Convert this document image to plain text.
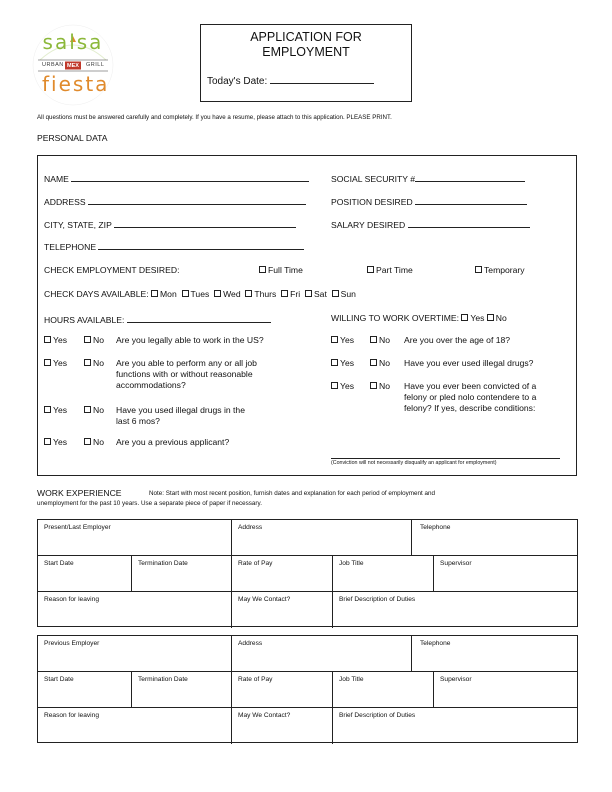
salsa
URBAN MEX GRILL
fiesta
APPLICATION FOR
EMPLOYMENT
Today's Date:
All questions must be answered carefully and completely. If you have a resume, please attach to this application. PLEASE PRINT.
PERSONAL DATA
NAME	SOCIAL SECURITY #
ADDRESS	POSITION DESIRED
CITY, STATE, ZIP	SALARY DESIRED
TELEPHONE
CHECK EMPLOYMENT DESIRED:	Full Time	Part Time	Temporary
CHECK DAYS AVAILABLE: Mon Tues Wed Thurs Fri Sat Sun
HOURS AVAILABLE:	WILLING TO WORK OVERTIME: Yes No
Yes	No Are you legally able to work in the US?
Yes	No Are you able to perform any or all job
functions with or without reasonable
accommodations?
Yes	No Have you used illegal drugs in the
last 6 mos?
Yes	No Are you a previous applicant?
Yes	No Are you over the age of 18?
Yes	No Have you ever used illegal drugs?
Yes	No Have you ever been convicted of a
felony or pled nolo contendere to a
felony? If yes, describe conditions:
(Conviction will not necessarily disqualify an applicant for employment)
WORK EXPERIENCE	Note: Start with most recent position, furnish dates and explanation for each period of employment and
unemployment for the past 10 years. Use a separate piece of paper if necessary.
Present/Last Employer	Address	Telephone
Start Date	Termination Date	Rate of Pay	Job Title	Supervisor
Reason for leaving	May We Contact?	Brief Description of Duties
Previous Employer	Address	Telephone
Start Date	Termination Date	Rate of Pay	Job Title	Supervisor
Reason for leaving	May We Contact?	Brief Description of Duties
